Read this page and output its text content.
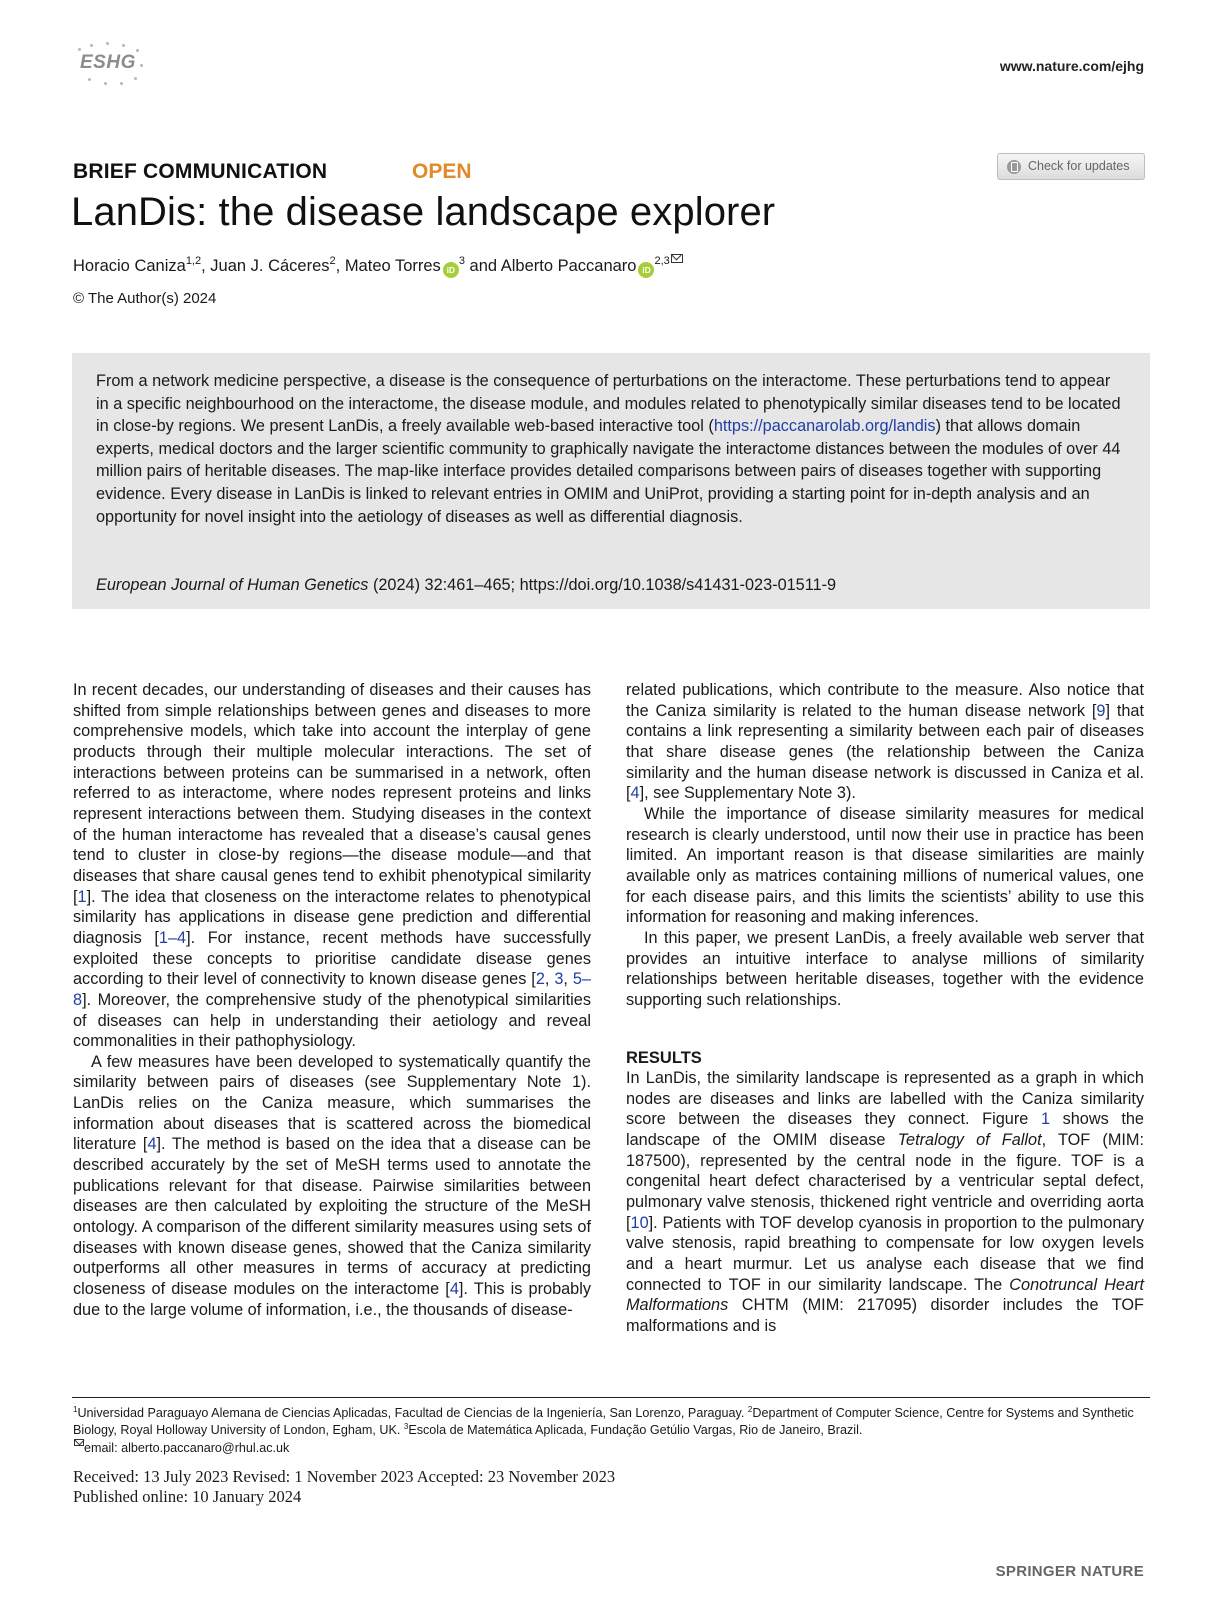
ESHG	www.nature.com/ejhg
BRIEF COMMUNICATION	OPEN	Check for updates
LanDis: the disease landscape explorer
Horacio Caniza$^{1,2}$, Juan J. Cáceres$^2$, Mateo Torres $iD^3$ and Alberto Paccanaro iD$^{2,3}$
© The Author(s) 2024
From a network medicine perspective, a disease is the consequence of perturbations on the interactome. These perturbations tend to appear in a specific neighbourhood on the interactome, the disease module, and modules related to phenotypically similar diseases tend to be located in close-by regions. We present LanDis, a freely available web-based interactive tool (https://paccanarolab.org/landis) that allows domain experts, medical doctors and the larger scientific community to graphically navigate the interactome distances between the modules of over 44 million pairs of heritable diseases. The map-like interface provides detailed comparisons between pairs of diseases together with supporting evidence. Every disease in LanDis is linked to relevant entries in OMIM and UniProt, providing a starting point for in-depth analysis and an opportunity for novel insight into the aetiology of diseases as well as differential diagnosis.
European Journal of Human Genetics (2024) 32:461–465; https://doi.org/10.1038/s41431-023-01511-9

In recent decades, our understanding of diseases and their causes has shifted from simple relationships between genes and diseases to more comprehensive models, which take into account the interplay of gene products through their multiple molecular interactions. The set of interactions between proteins can be summarised in a network, often referred to as interactome, where nodes represent proteins and links represent interactions between them. Studying diseases in the context of the human interactome has revealed that a disease’s causal genes tend to cluster in close-by regions—the disease module—and that diseases that share causal genes tend to exhibit phenotypical similarity [1]. The idea that closeness on the interactome relates to phenotypical similarity has applications in disease gene prediction and differential diagnosis [1–4]. For instance, recent methods have successfully exploited these concepts to prioritise candidate disease genes according to their level of connectivity to known disease genes [2, 3, 5–8]. Moreover, the comprehensive study of the phenotypical similarities of diseases can help in understanding their aetiology and reveal commonalities in their pathophysiology.

A few measures have been developed to systematically quantify the similarity between pairs of diseases (see Supplementary Note 1). LanDis relies on the Caniza measure, which summarises the information about diseases that is scattered across the biomedical literature [4]. The method is based on the idea that a disease can be described accurately by the set of MeSH terms used to annotate the publications relevant for that disease. Pairwise similarities between diseases are then calculated by exploiting the structure of the MeSH ontology. A comparison of the different similarity measures using sets of diseases with known disease genes, showed that the Caniza similarity outperforms all other measures in terms of accuracy at predicting closeness of disease modules on the interactome [4]. This is probably due to the large volume of information, i.e., the thousands of disease-

related publications, which contribute to the measure. Also notice that the Caniza similarity is related to the human disease network [9] that contains a link representing a similarity between each pair of diseases that share disease genes (the relationship between the Caniza similarity and the human disease network is discussed in Caniza et al. [4], see Supplementary Note 3).

While the importance of disease similarity measures for medical research is clearly understood, until now their use in practice has been limited. An important reason is that disease similarities are mainly available only as matrices containing millions of numerical values, one for each disease pairs, and this limits the scientists’ ability to use this information for reasoning and making inferences.

In this paper, we present LanDis, a freely available web server that provides an intuitive interface to analyse millions of similarity relationships between heritable diseases, together with the evidence supporting such relationships.

RESULTS

In LanDis, the similarity landscape is represented as a graph in which nodes are diseases and links are labelled with the Caniza similarity score between the diseases they connect. Figure 1 shows the landscape of the OMIM disease Tetralogy of Fallot, TOF (MIM: 187500), represented by the central node in the figure. TOF is a congenital heart defect characterised by a ventricular septal defect, pulmonary valve stenosis, thickened right ventricle and overriding aorta [10]. Patients with TOF develop cyanosis in proportion to the pulmonary valve stenosis, rapid breathing to compensate for low oxygen levels and a heart murmur. Let us analyse each disease that we find connected to TOF in our similarity landscape. The Conotruncal Heart Malformations CHTM (MIM: 217095) disorder includes the TOF malformations and is

$^1$Universidad Paraguayo Alemana de Ciencias Aplicadas, Facultad de Ciencias de la Ingeniería, San Lorenzo, Paraguay. $^2$Department of Computer Science, Centre for Systems and Synthetic Biology, Royal Holloway University of London, Egham, UK. $^3$Escola de Matemática Aplicada, Fundação Getúlio Vargas, Rio de Janeiro, Brazil.
email: alberto.paccanaro@rhul.ac.uk
Received: 13 July 2023 Revised: 1 November 2023 Accepted: 23 November 2023
Published online: 10 January 2024
SPRINGER NATURE
